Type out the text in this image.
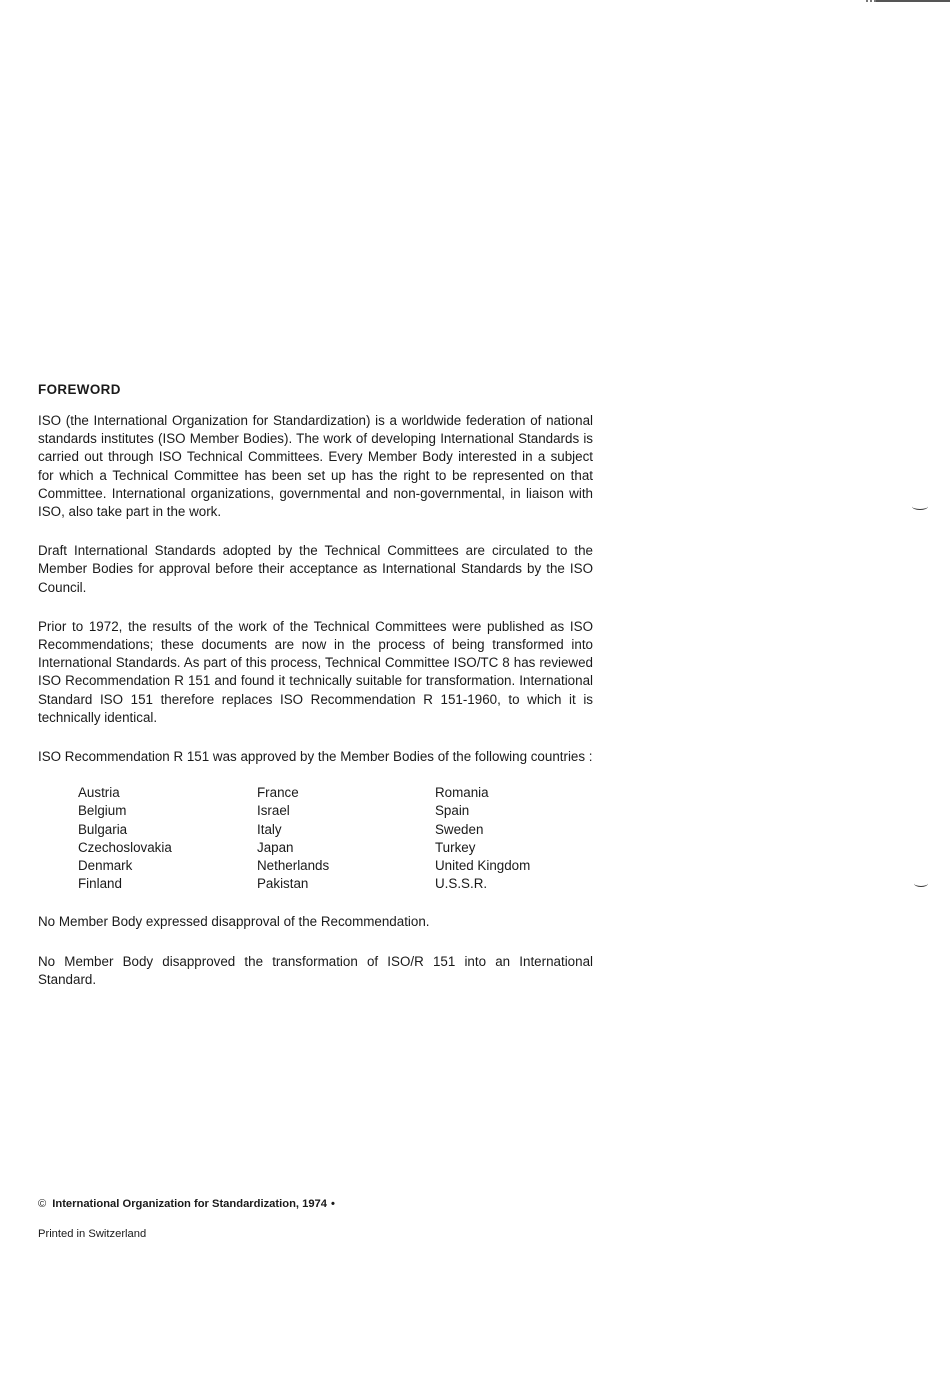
FOREWORD

ISO (the International Organization for Standardization) is a worldwide federation of national standards institutes (ISO Member Bodies). The work of developing International Standards is carried out through ISO Technical Committees. Every Member Body interested in a subject for which a Technical Committee has been set up has the right to be represented on that Committee. International organizations, governmental and non-governmental, in liaison with ISO, also take part in the work.

Draft International Standards adopted by the Technical Committees are circulated to the Member Bodies for approval before their acceptance as International Standards by the ISO Council.

Prior to 1972, the results of the work of the Technical Committees were published as ISO Recommendations; these documents are now in the process of being transformed into International Standards. As part of this process, Technical Committee ISO/TC 8 has reviewed ISO Recommendation R 151 and found it technically suitable for transformation. International Standard ISO 151 therefore replaces ISO Recommendation R 151-1960, to which it is technically identical.

ISO Recommendation R 151 was approved by the Member Bodies of the following countries :

Austria
Belgium
Bulgaria
Czechoslovakia
Denmark
Finland
France
Israel
Italy
Japan
Netherlands
Pakistan
Romania
Spain
Sweden
Turkey
United Kingdom
U.S.S.R.

No Member Body expressed disapproval of the Recommendation.

No Member Body disapproved the transformation of ISO/R 151 into an International Standard.

© International Organization for Standardization, 1974 •
Printed in Switzerland
